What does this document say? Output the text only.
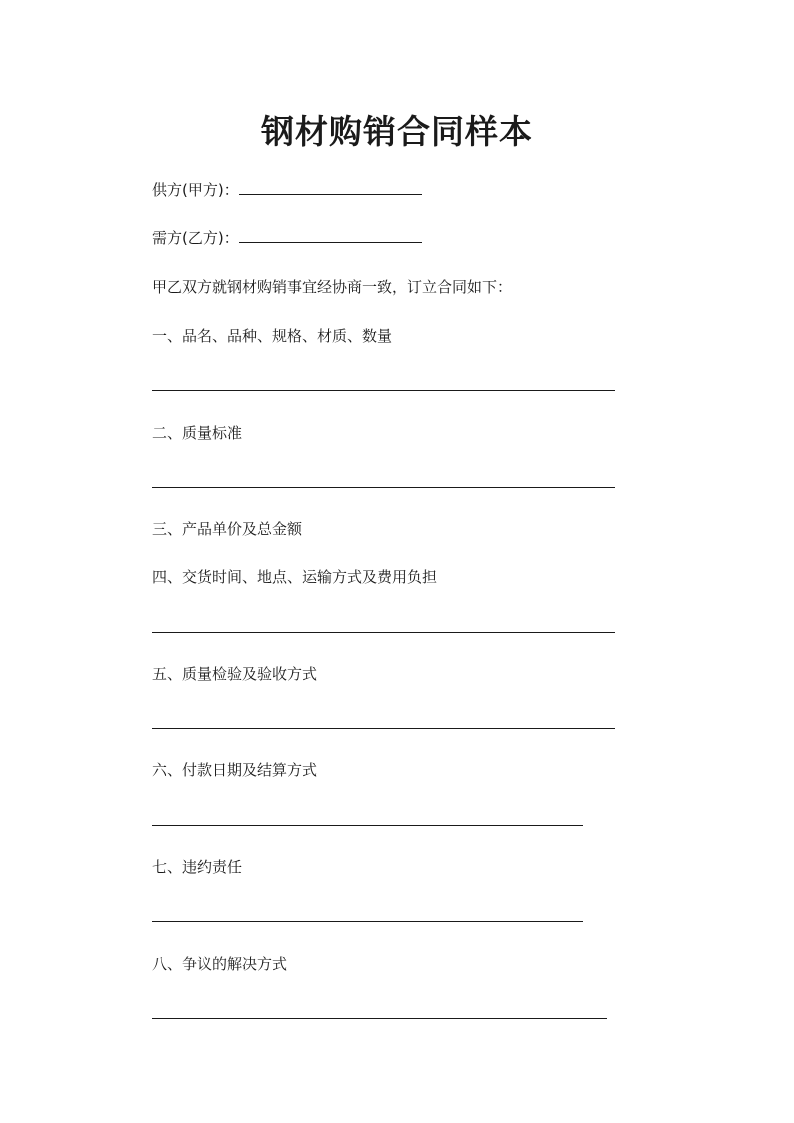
钢材购销合同样本

供方(甲方)：

需方(乙方)：

甲乙双方就钢材购销事宜经协商一致，订立合同如下：

一、品名、品种、规格、材质、数量

二、质量标准

三、产品单价及总金额

四、交货时间、地点、运输方式及费用负担

五、质量检验及验收方式

六、付款日期及结算方式

七、违约责任

八、争议的解决方式
